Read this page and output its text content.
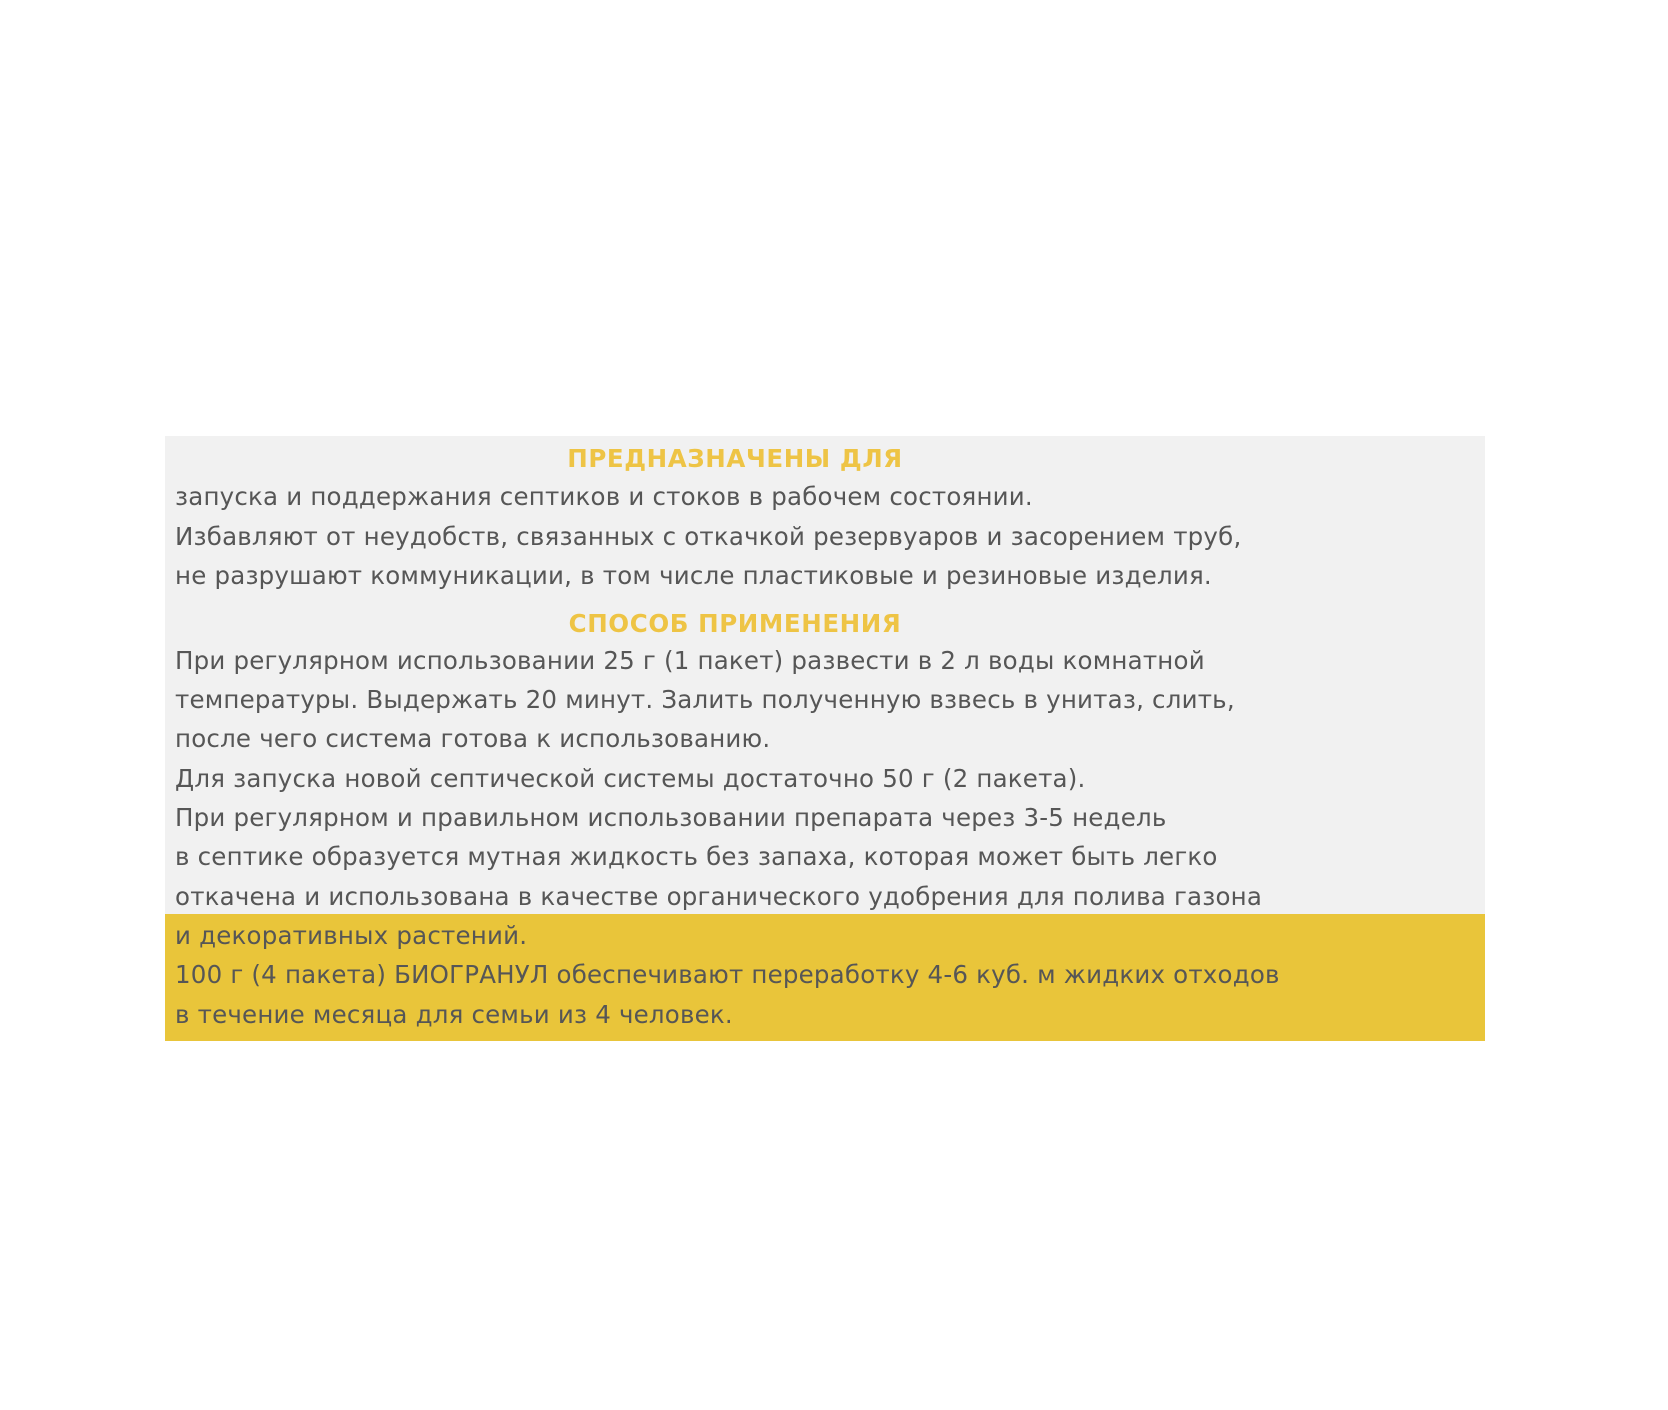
ПРЕДНАЗНАЧЕНЫ ДЛЯ
запуска и поддержания септиков и стоков в рабочем состоянии.
Избавляют от неудобств, связанных с откачкой резервуаров и засорением труб,
не разрушают коммуникации, в том числе пластиковые и резиновые изделия.
СПОСОБ ПРИМЕНЕНИЯ
При регулярном использовании 25 г (1 пакет) развести в 2 л воды комнатной
температуры. Выдержать 20 минут. Залить полученную взвесь в унитаз, слить,
после чего система готова к использованию.
Для запуска новой септической системы достаточно 50 г (2 пакета).
При регулярном и правильном использовании препарата через 3-5 недель
в септике образуется мутная жидкость без запаха, которая может быть легко
откачена и использована в качестве органического удобрения для полива газона
и декоративных растений.
100 г (4 пакета) БИОГРАНУЛ обеспечивают переработку 4-6 куб. м жидких отходов
в течение месяца для семьи из 4 человек.
